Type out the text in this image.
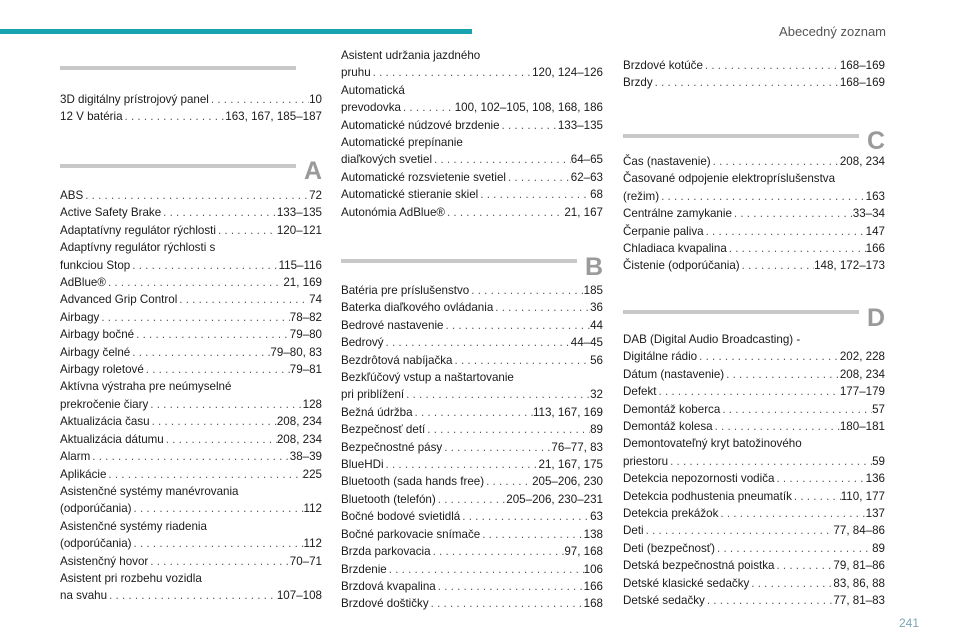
Abecedný zoznam
241
3D digitálny prístrojový panel . . .	10
12 V batéria . . .	163, 167, 185–187
A
ABS . . .	72
Active Safety Brake . . .	133–135
Adaptatívny regulátor rýchlosti . . .	120–121
Adaptívny regulátor rýchlosti s
funkciou Stop . . .	115–116
AdBlue® . . .	21, 169
Advanced Grip Control . . .	74
Airbagy . . .	78–82
Airbagy bočné . . .	79–80
Airbagy čelné . . .	79–80, 83
Airbagy roletové . . .	79–81
Aktívna výstraha pre neúmyselné
prekročenie čiary . . .	128
Aktualizácia času . . .	208, 234
Aktualizácia dátumu . . .	208, 234
Alarm . . .	38–39
Aplikácie . . .	225
Asistenčné systémy manévrovania
(odporúčania) . . .	112
Asistenčné systémy riadenia
(odporúčania) . . .	112
Asistenčný hovor . . .	70–71
Asistent pri rozbehu vozidla
na svahu . . .	107–108
Asistent udržania jazdného
pruhu . . .	120, 124–126
Automatická
prevodovka . . .	100, 102–105, 108, 168, 186
Automatické núdzové brzdenie . . .	133–135
Automatické prepínanie
diaľkových svetiel . . .	64–65
Automatické rozsvietenie svetiel . . .	62–63
Automatické stieranie skiel . . .	68
Autonómia AdBlue® . . .	21, 167
B
Batéria pre príslušenstvo . . .	185
Baterka diaľkového ovládania . . .	36
Bedrové nastavenie . . .	44
Bedrový . . .	44–45
Bezdrôtová nabíjačka . . .	56
Bezkľúčový vstup a naštartovanie
pri priblížení . . .	32
Bežná údržba . . .	113, 167, 169
Bezpečnosť detí . . .	89
Bezpečnostné pásy . . .	76–77, 83
BlueHDi . . .	21, 167, 175
Bluetooth (sada hands free) . . .	205–206, 230
Bluetooth (telefón) . . .	205–206, 230–231
Bočné bodové svietidlá . . .	63
Bočné parkovacie snímače . . .	138
Brzda parkovacia . . .	97, 168
Brzdenie . . .	106
Brzdová kvapalina . . .	166
Brzdové doštičky . . .	168
Brzdové kotúče . . .	168–169
Brzdy . . .	168–169
C
Čas (nastavenie) . . .	208, 234
Časované odpojenie elektropríslušenstva
(režim) . . .	163
Centrálne zamykanie . . .	33–34
Čerpanie paliva . . .	147
Chladiaca kvapalina . . .	166
Čistenie (odporúčania) . . .	148, 172–173
D
DAB (Digital Audio Broadcasting) -
Digitálne rádio . . .	202, 228
Dátum (nastavenie) . . .	208, 234
Defekt . . .	177–179
Demontáž koberca . . .	57
Demontáž kolesa . . .	180–181
Demontovateľný kryt batožinového
priestoru . . .	59
Detekcia nepozornosti vodiča . . .	136
Detekcia podhustenia pneumatík . . .	110, 177
Detekcia prekážok . . .	137
Deti . . .	77, 84–86
Deti (bezpečnosť) . . .	89
Detská bezpečnostná poistka . . .	79, 81–86
Detské klasické sedačky . . .	83, 86, 88
Detské sedačky . . .	77, 81–83
